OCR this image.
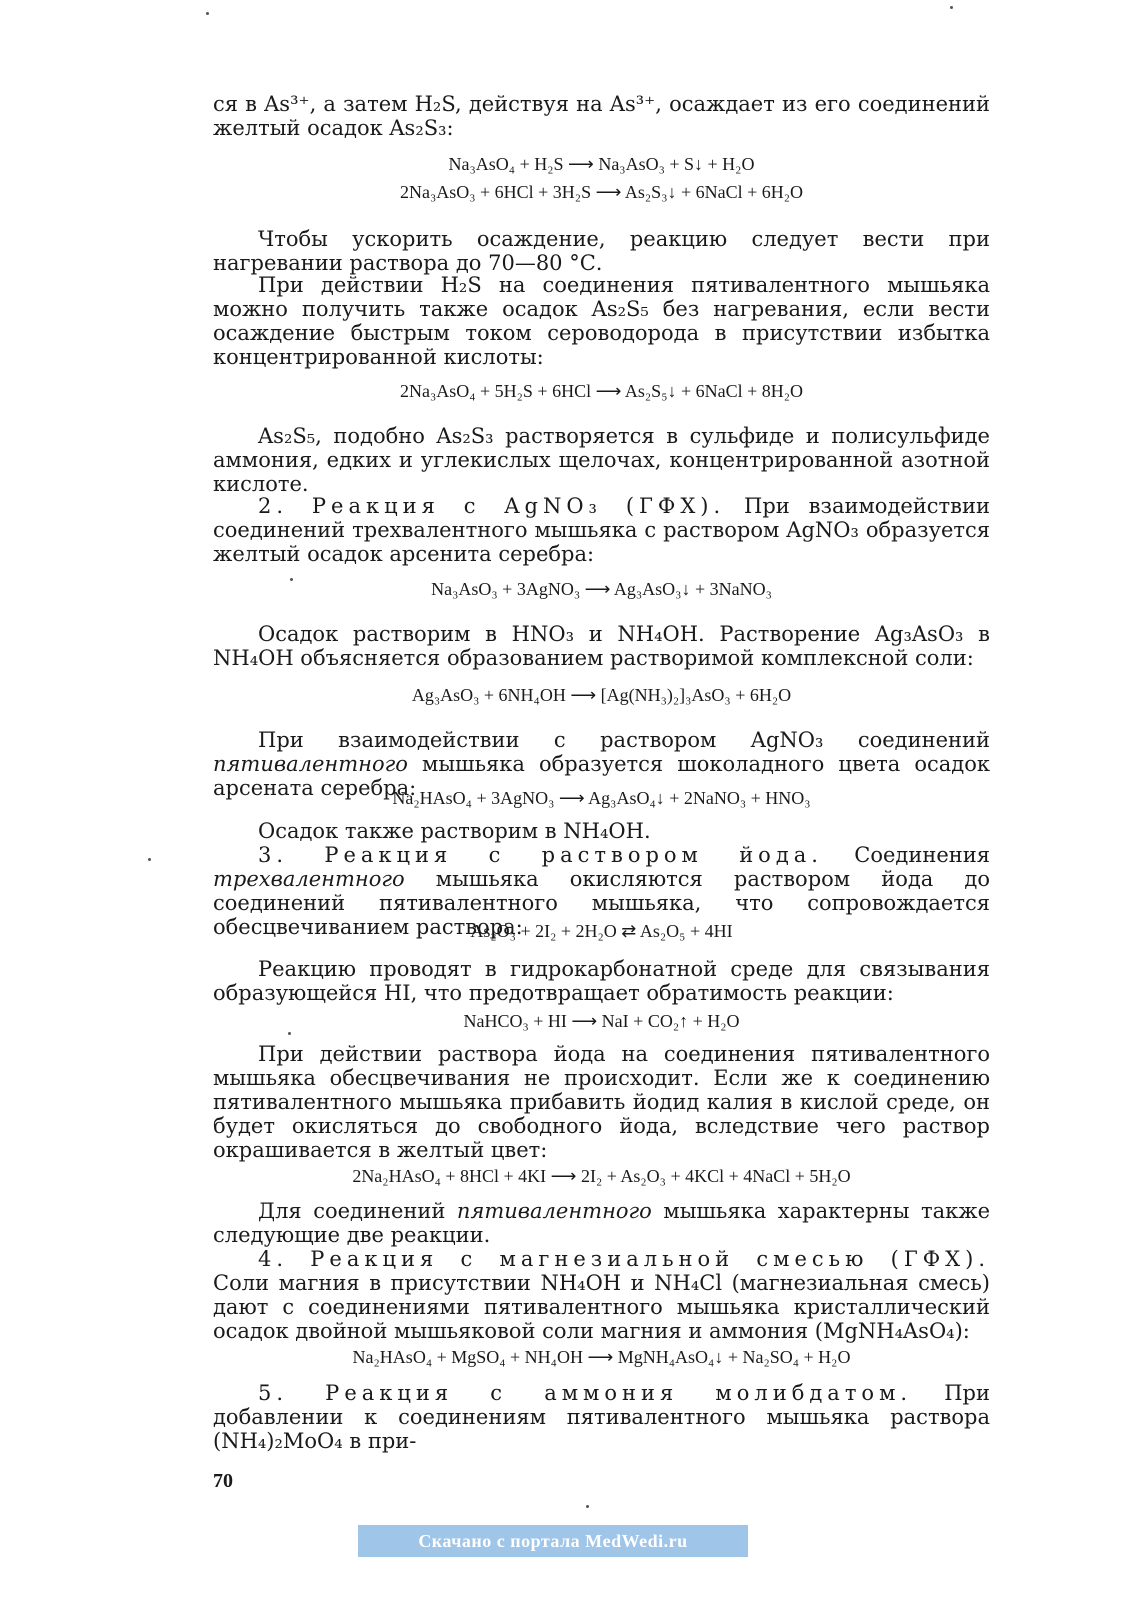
ся в As³⁺, а затем H₂S, действуя на As³⁺, осаждает из его соединений желтый осадок As₂S₃:

Na₃AsO₄ + H₂S ⟶ Na₃AsO₃ + S↓ + H₂O
2Na₃AsO₃ + 6HCl + 3H₂S ⟶ As₂S₃↓ + 6NaCl + 6H₂O

Чтобы ускорить осаждение, реакцию следует вести при нагревании раствора до 70—80 °С.

При действии H₂S на соединения пятивалентного мышьяка можно получить также осадок As₂S₅ без нагревания, если вести осаждение быстрым током сероводорода в присутствии избытка концентрированной кислоты:

2Na₃AsO₄ + 5H₂S + 6HCl ⟶ As₂S₅↓ + 6NaCl + 8H₂O

As₂S₅, подобно As₂S₃ растворяется в сульфиде и полисульфиде аммония, едких и углекислых щелочах, концентрированной азотной кислоте.

2. Реакция с AgNO₃ (ГФХ). При взаимодействии соединений трехвалентного мышьяка с раствором AgNO₃ образуется желтый осадок арсенита серебра:

Na₃AsO₃ + 3AgNO₃ ⟶ Ag₃AsO₃↓ + 3NaNO₃

Осадок растворим в HNO₃ и NH₄OH. Растворение Ag₃AsO₃ в NH₄OH объясняется образованием растворимой комплексной соли:

Ag₃AsO₃ + 6NH₄OH ⟶ [Ag(NH₃)₂]₃AsO₃ + 6H₂O

При взаимодействии с раствором AgNO₃ соединений пятивалентного мышьяка образуется шоколадного цвета осадок арсената серебра:

Na₂HAsO₄ + 3AgNO₃ ⟶ Ag₃AsO₄↓ + 2NaNO₃ + HNO₃

Осадок также растворим в NH₄OH.

3. Реакция с раствором йода. Соединения трехвалентного мышьяка окисляются раствором йода до соединений пятивалентного мышьяка, что сопровождается обесцвечиванием раствора:

As₂O₃ + 2I₂ + 2H₂O ⇄ As₂O₅ + 4HI

Реакцию проводят в гидрокарбонатной среде для связывания образующейся HI, что предотвращает обратимость реакции:

NaHCO₃ + HI ⟶ NaI + CO₂↑ + H₂O

При действии раствора йода на соединения пятивалентного мышьяка обесцвечивания не происходит. Если же к соединению пятивалентного мышьяка прибавить йодид калия в кислой среде, он будет окисляться до свободного йода, вследствие чего раствор окрашивается в желтый цвет:

2Na₂HAsO₄ + 8HCl + 4KI ⟶ 2I₂ + As₂O₃ + 4KCl + 4NaCl + 5H₂O

Для соединений пятивалентного мышьяка характерны также следующие две реакции.

4. Реакция с магнезиальной смесью (ГФХ). Соли магния в присутствии NH₄OH и NH₄Cl (магнезиальная смесь) дают с соединениями пятивалентного мышьяка кристаллический осадок двойной мышьяковой соли магния и аммония (MgNH₄AsO₄):

Na₂HAsO₄ + MgSO₄ + NH₄OH ⟶ MgNH₄AsO₄↓ + Na₂SO₄ + H₂O

5. Реакция с аммония молибдатом. При добавлении к соединениям пятивалентного мышьяка раствора (NH₄)₂MoO₄ в при-

70
Скачано с портала MedWedi.ru
